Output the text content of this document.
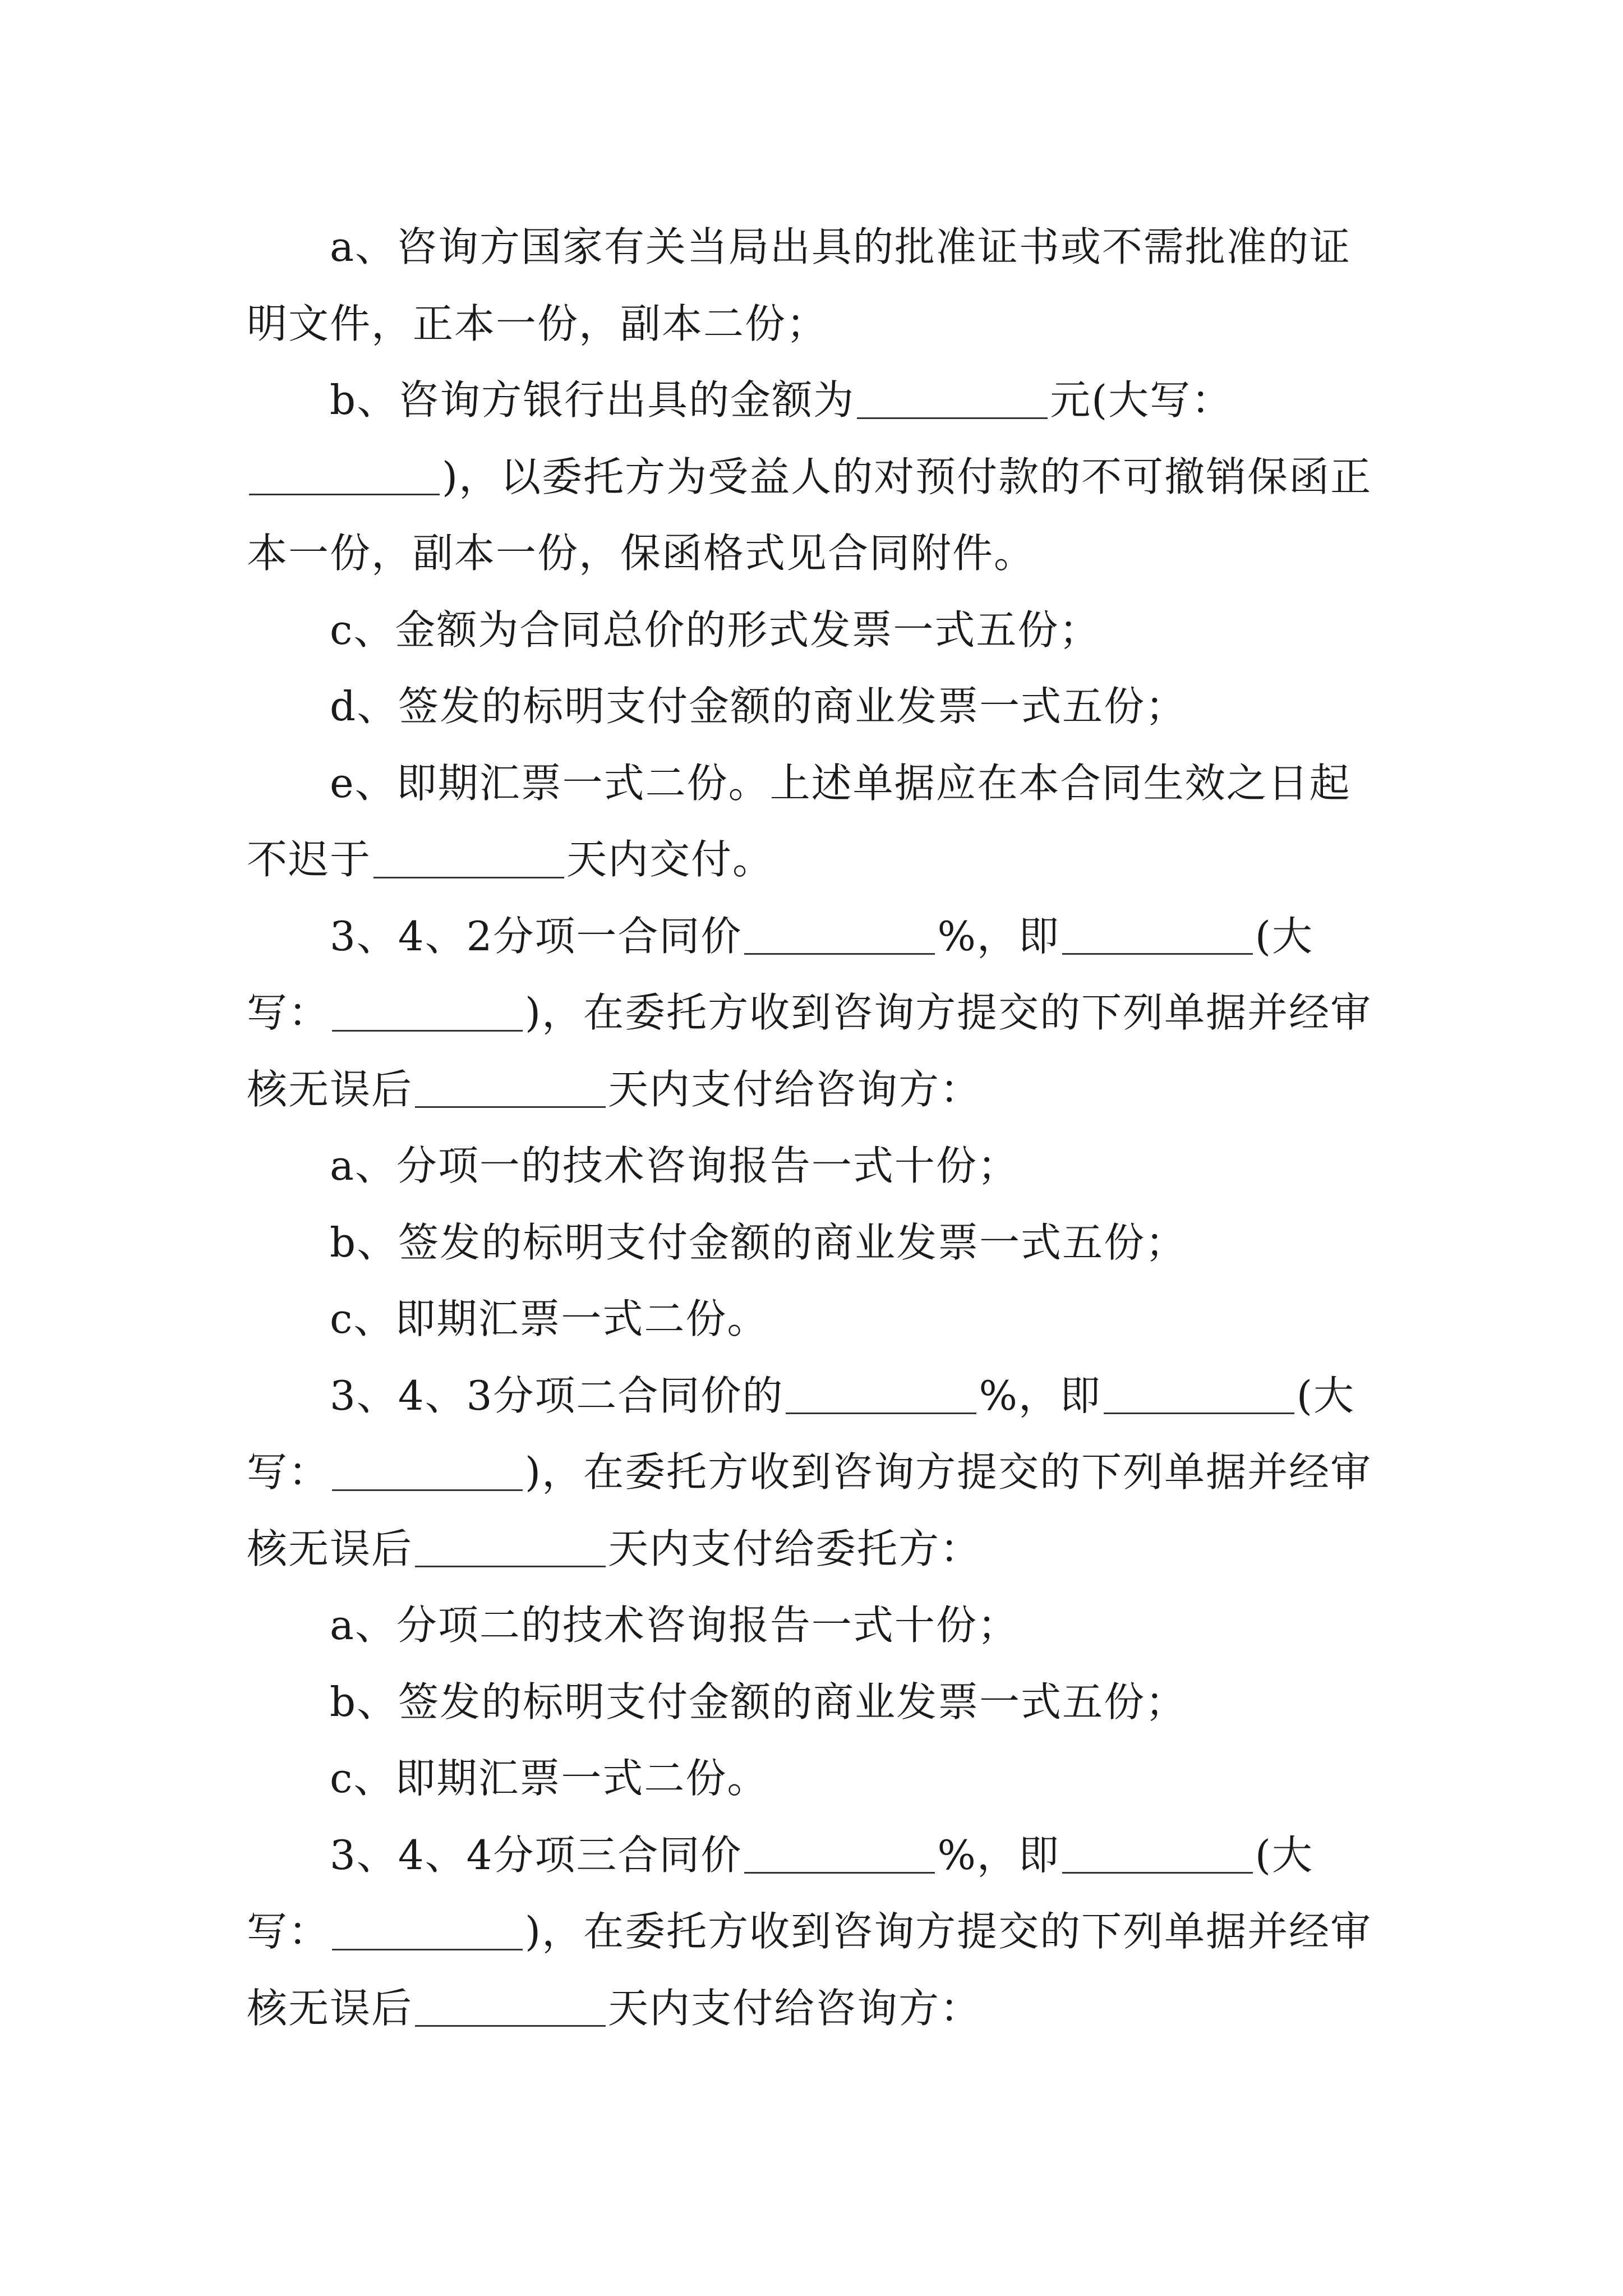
a、咨询方国家有关当局出具的批准证书或不需批准的证明文件，正本一份，副本二份；

b、咨询方银行出具的金额为	元(大写：)，以委托方为受益人的对预付款的不可撤销保函正本一份，副本一份，保函格式见合同附件。

c、金额为合同总价的形式发票一式五份；

d、签发的标明支付金额的商业发票一式五份；

e、即期汇票一式二份。上述单据应在本合同生效之日起不迟于	天内交付。

3、4、2分项一合同价	%，即	(大写：	)，在委托方收到咨询方提交的下列单据并经审核无误后	天内支付给咨询方：

a、分项一的技术咨询报告一式十份；

b、签发的标明支付金额的商业发票一式五份；

c、即期汇票一式二份。

3、4、3分项二合同价的	%，即	(大写：	)，在委托方收到咨询方提交的下列单据并经审核无误后	天内支付给委托方：

a、分项二的技术咨询报告一式十份；

b、签发的标明支付金额的商业发票一式五份；

c、即期汇票一式二份。

3、4、4分项三合同价	%，即	(大写：	)，在委托方收到咨询方提交的下列单据并经审核无误后	天内支付给咨询方：
